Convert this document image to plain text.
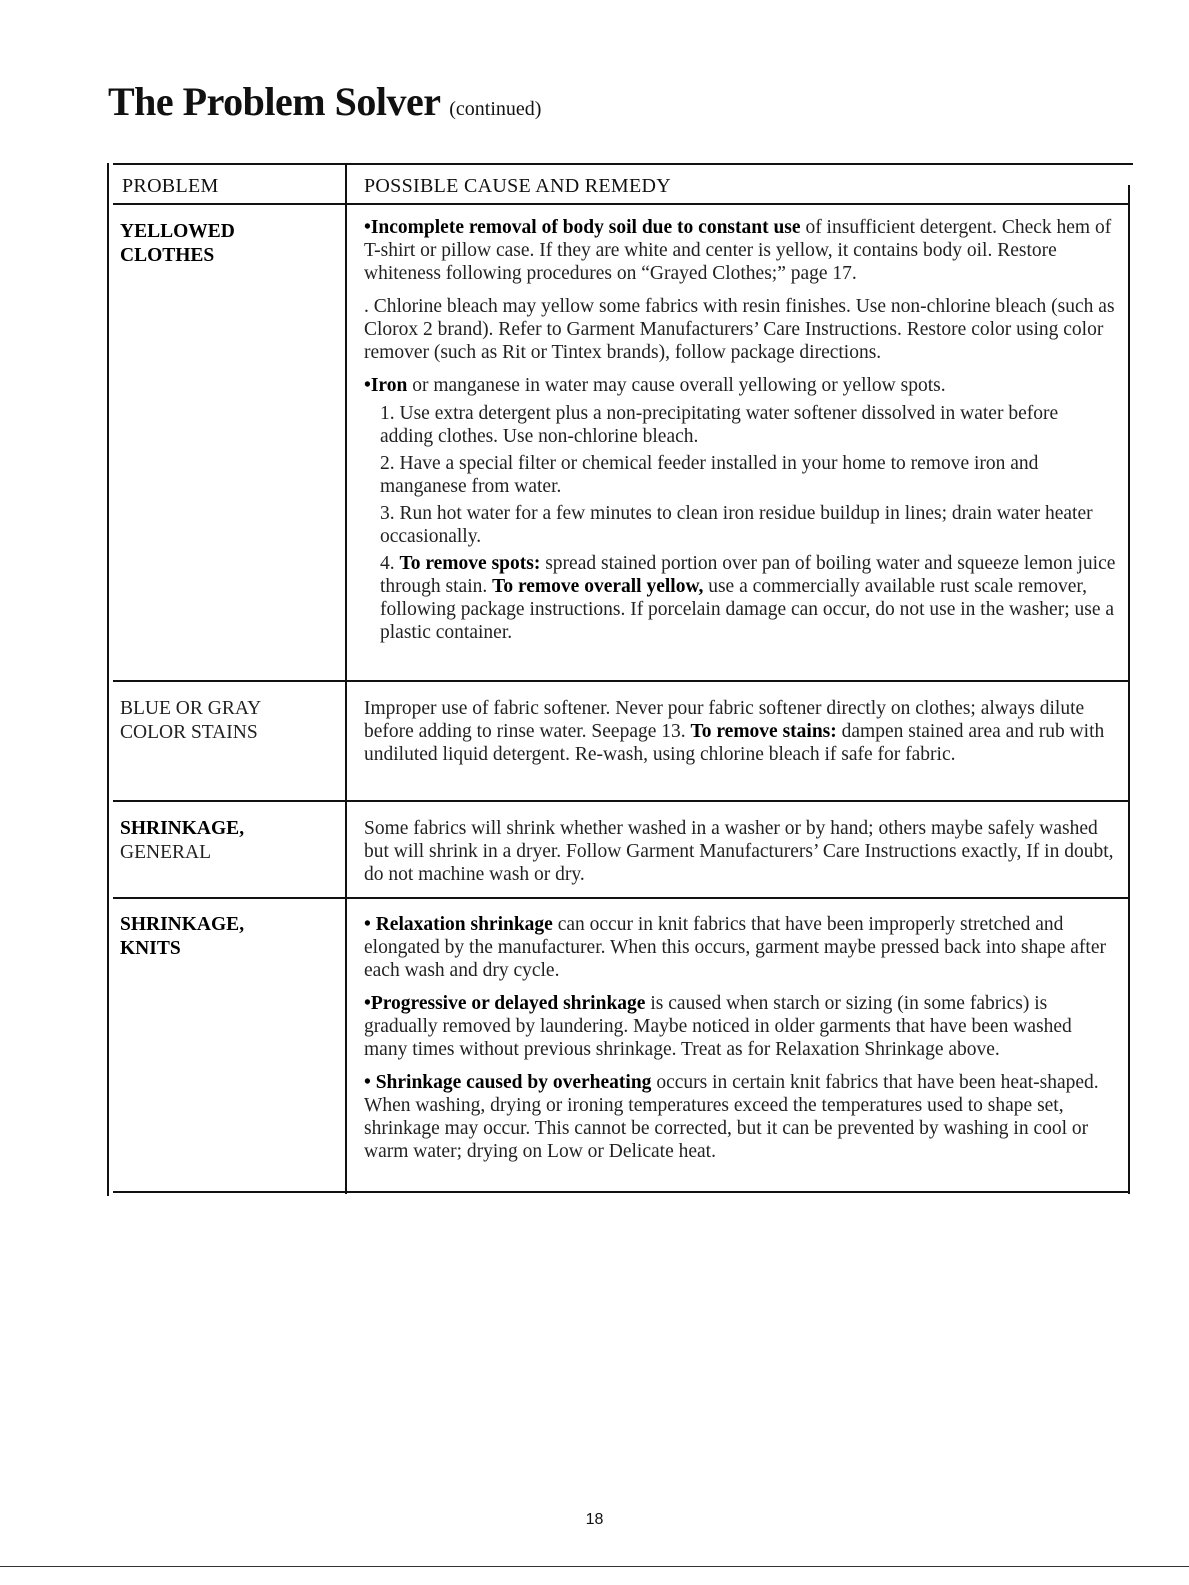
The Problem Solver (continued)
PROBLEM	POSSIBLE CAUSE AND REMEDY
YELLOWED
CLOTHES

•Incomplete removal of body soil due to constant use of insufficient detergent. Check hem of T-shirt or pillow case. If they are white and center is yellow, it contains body oil. Restore whiteness following procedures on “Grayed Clothes;” page 17.

. Chlorine bleach may yellow some fabrics with resin finishes. Use non-chlorine bleach (such as Clorox 2 brand). Refer to Garment Manufacturers’ Care Instructions. Restore color using color remover (such as Rit or Tintex brands), follow package directions.

•Iron or manganese in water may cause overall yellowing or yellow spots.

1. Use extra detergent plus a non-precipitating water softener dissolved in water before adding clothes. Use non-chlorine bleach.

2. Have a special filter or chemical feeder installed in your home to remove iron and manganese from water.

3. Run hot water for a few minutes to clean iron residue buildup in lines; drain water heater occasionally.

4. To remove spots: spread stained portion over pan of boiling water and squeeze lemon juice through stain. To remove overall yellow, use a commercially available rust scale remover, following package instructions. If porcelain damage can occur, do not use in the washer; use a plastic container.

BLUE OR GRAY
COLOR STAINS

Improper use of fabric softener. Never pour fabric softener directly on clothes; always dilute before adding to rinse water. Seepage 13. To remove stains: dampen stained area and rub with undiluted liquid detergent. Re-wash, using chlorine bleach if safe for fabric.

SHRINKAGE,
GENERAL

Some fabrics will shrink whether washed in a washer or by hand; others maybe safely washed but will shrink in a dryer. Follow Garment Manufacturers’ Care Instructions exactly, If in doubt, do not machine wash or dry.

SHRINKAGE,
KNITS

• Relaxation shrinkage can occur in knit fabrics that have been improperly stretched and elongated by the manufacturer. When this occurs, garment maybe pressed back into shape after each wash and dry cycle.

•Progressive or delayed shrinkage is caused when starch or sizing (in some fabrics) is gradually removed by laundering. Maybe noticed in older garments that have been washed many times without previous shrinkage. Treat as for Relaxation Shrinkage above.

• Shrinkage caused by overheating occurs in certain knit fabrics that have been heat-shaped. When washing, drying or ironing temperatures exceed the temperatures used to shape set, shrinkage may occur. This cannot be corrected, but it can be prevented by washing in cool or warm water; drying on Low or Delicate heat.

18
